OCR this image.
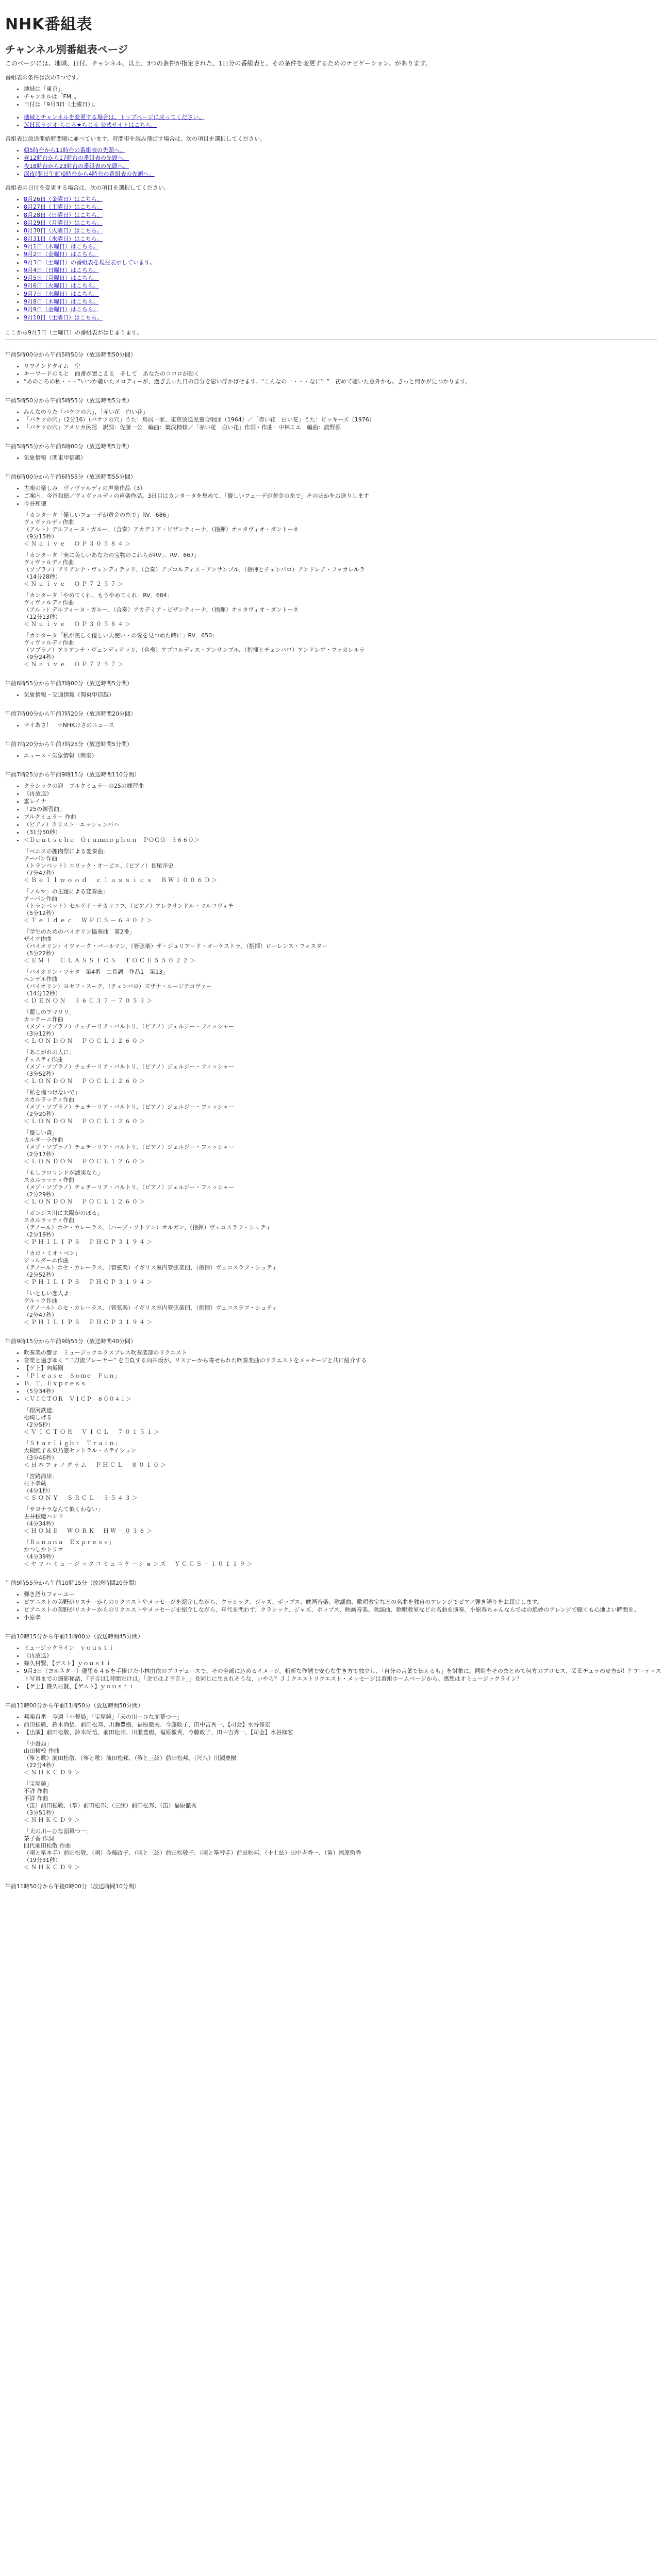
NHK番組表
チャンネル別番組表ページ

このページには、地域、日付、チャンネル、以上、3つの条件が指定された、1日分の番組表と、その条件を変更するためのナビゲーション、があります。

番組表の条件は次の3つです。

• 地域は「東京」。
• チャンネルは「FM」。
• 日付は「9月3日（土曜日）」。
• 地域とチャンネルを変更する場合は、トップページに戻ってください。
• ＮＨＫラジオ らじる★らじる 公式サイトはこちら。

番組表は放送開始時間順に並べています。時間帯を読み飛ばす場合は、次の項目を選択してください。

• 朝5時台から11時台の番組表の先頭へ。
• 昼12時台から17時台の番組表の先頭へ。
• 夜18時台から23時台の番組表の先頭へ。
• 深夜(翌日午前)0時台から4時台の番組表の先頭へ。

番組表の日付を変更する場合は、次の項目を選択してください。

• 8月26日（金曜日）はこちら。
• 8月27日（土曜日）はこちら。
• 8月28日（日曜日）はこちら。
• 8月29日（月曜日）はこちら。
• 8月30日（火曜日）はこちら。
• 8月31日（水曜日）はこちら。
• 9月1日（木曜日）はこちら。
• 9月2日（金曜日）はこちら。
• 9月3日（土曜日）の番組表を現在表示しています。
• 9月4日（日曜日）はこちら。
• 9月5日（月曜日）はこちら。
• 9月6日（火曜日）はこちら。
• 9月7日（水曜日）はこちら。
• 9月8日（木曜日）はこちら。
• 9月9日（金曜日）はこちら。
• 9月10日（土曜日）はこちら。

ここから9月3日（土曜日）の番組表がはじまります。

午前5時00分から午前5時50分（放送時間50分間）

• リワインドタイム　空
• キーワードのもと　曲番が置こえる　そして　あなたのココロが動く
• “あのころの私・・・”いつか聴いたメロディーが、過ぎ去った日の自分を思い浮かばせます。“こんなの一・・・なに？”　初めて聴いた意外かも。きっと何かが見つかります。

午前5時50分から午前5時55分（放送時間5分間）

• みんなのうた「バケツの穴」，「赤い花　白い花」
• 「バケツの穴」（2分16）（バケツの穴」うた：鳥居一家、東京放送児童合唱団（1964）／「赤い花　白い花」うた：ピッキーズ（1976）
• 「バケツの穴」アメリカ民謡　訳詞：佐藤一公　編曲：葉浅精修／「赤い花　白い花」作詞・作曲：中林ミエ　編曲：渡野源

午前5時55分から午前6時00分（放送時間5分間）

• 気象情報（関東甲信越）

午前6時00分から午前6時55分（放送時間55分間）

• 古楽の楽しみ　ヴィヴァルディの声楽作品（3）
• ご案内：今谷和徳／ヴィヴァルディの声楽作品。3日目はカンタータを集めて、「優しいフェーデが黄金の糸で」そのほかをお送りします
• 今谷和徳
「カンタータ「優しいフェーデが黄金の糸で」RV．686」
ヴィヴァルディ作曲
（アルト）デルフィーヌ・ガルー、（合奏）アカデミア・ビザンティーナ、（指揮）オッタヴィオ・ダントーネ
（9分15秒）
＜Ｎａｉｖｅ　ＯＰ３０５８４＞
「カンタータ「実に美しいあなたの宝物のこれらがRV」．RV．667」
ヴィヴァルディ作曲
（ソプラノ）アリアンナ・ヴェンディテッリ、（合奏）アプコルディス・アンサンブル、（指揮とチェンバロ）アンドレア・フッカレルラ
（14分28秒）
＜Ｎａｉｖｅ　ＯＰ７２５７＞
「カンタータ「やめてくれ、もうやめてくれ」RV．684」
ヴィヴァルディ作曲
（アルト）デルフィーヌ・ガルー、（合奏）アカデミア・ビザンティーナ、（指揮）オッタヴィオ・ダントーネ
（12分13秒）
＜Ｎａｉｖｅ　ＯＰ３０５８４＞
「カンタータ「私が美しく優しい天使い・の愛を見つめた時に」RV．650」
ヴィヴァルディ作曲
（ソプラノ）アリアンナ・ヴェンディテッリ、（合奏）アプコルディス・アンサンブル、（指揮とチェンバロ）アンドレア・フッカレルラ
（9分24秒）
＜Ｎａｉｖｅ　ＯＰ７２５７＞

午前6時55分から午前7時00分（放送時間5分間）

• 気象情報・交通情報（関東甲信越）

午前7時00分から午前7時20分（放送時間20分間）

• マイあさ！　☆NHKけさのニュース

午前7時20分から午前7時25分（放送時間5分間）

• ニュース・気象情報（関東）

午前7時25分から午前9時15分（放送時間110分間）

• クラシックの迎　ブルクミュラーの25の練習曲
• 《再放送》
• 雲レイナ
• 「25の練習曲」
• ブルクミュラー 作曲
• （ピアノ）クリスト一エッシェンバハ
• （31分50秒）
• ＜Ｄｅｕｔｓｃｈｅ　Ｇｒａｍｍｏｐｈｏｎ　ＰＯＣＧ－３６６０＞
「ベニスの謝肉祭による変奏曲」
アーバン作曲
（トランペット）エリック・オービエ、（ピアノ）長尾洋史
（7分47秒）
＜Ｂｅｌｌｗｏｏｄ　ｃｌａｓｓｉｃｓ　ＢＷ１００６Ｄ＞
「ノルマ」の主題による変奏曲」
アーバン作曲
（トランペット）セルゲイ・ナカリコフ、（ピアノ）アレクサンドル・マルコヴィチ
（5分12秒）
＜Ｔｅｌｄｅｃ　ＷＰＣＳ－６４０２＞
「学生のためのバイオリン協奏曲　第2番」
ザイツ作曲
（バイオリン）イツァーク・パールマン、（管弦楽）ザ・ジュリアード・オーケストラ、（指揮）ローレンス・フォスター
（5分22秒）
＜ＥＭＩ　ＣＬＡＳＳＩＣＳ　ＴＯＣＥ５５０２２＞
「バイオリン・ソナタ　第4番　二長調　作品1　第13」
ヘンデル作曲
（バイオリン）ヨセフ・スーク、（チェンバロ）ズザナ・ルージチコヴァー
（14分12秒）
＜ＤＥＮＯＮ　３６Ｃ３７－７０５３＞
「麗しのアマリリ」
カッチーニ作曲
（メゾ・ソプラノ）チェチーリア・バルトリ、（ピアノ）ジェルジー・フィッシャー
（3分12秒）
＜ＬＯＮＤＯＮ　ＰＯＣＬ１２６０＞
「あこがれの人に」
チェスティ作曲
（メゾ・ソプラノ）チェチーリア・バルトリ、（ピアノ）ジェルジー・フィッシャー
（3分52秒）
＜ＬＯＮＤＯＮ　ＰＯＣＬ１２６０＞
「私を傷つけないで」
スカルラッティ作曲
（メゾ・ソプラノ）チェチーリア・バルトリ、（ピアノ）ジェルジー・フィッシャー
（2分20秒）
＜ＬＯＮＤＯＮ　ＰＯＣＬ１２６０＞
「優しい森」
カルダーラ作曲
（メゾ・ソプラノ）チェチーリア・バルトリ、（ピアノ）ジェルジー・フィッシャー
（2分17秒）
＜ＬＯＮＤＯＮ　ＰＯＣＬ１２６０＞
「もしフロリンドが誠実なら」
スカルラッティ作曲
（メゾ・ソプラノ）チェチーリア・バルトリ、（ピアノ）ジェルジー・フィッシャー
（2分29秒）
＜ＬＯＮＤＯＮ　ＰＯＣＬ１２６０＞
「ガンジス川に太陽がのぼる」
スカルラッティ作曲
（テノール）ホセ・カレーラス、（ハープ・ソトソン）オルガン、（指揮）ヴェコスラフ・シュティ
（2分19秒）
＜ＰＨＩＬＩＰＳ　ＰＨＣＰ３１９４＞
「カロ・ミオ・ベン」
ジョルダーニ作曲
（テノール）ホセ・カレーラス、（管弦楽）イギリス室内管弦楽団、（指揮）ヴェコスラフ・シュティ
（2分52秒）
＜ＰＨＩＬＩＰＳ　ＰＨＣＰ３１９４＞
「いとしい恋人よ」
グルック作曲
（テノール）ホセ・カレーラス、（管弦楽）イギリス室内管弦楽団、（指揮）ヴェコスラフ・シュティ
（2分47秒）
＜ＰＨＩＬＩＰＳ　ＰＨＣＰ３１９４＞

午前9時15分から午前9時55分（放送時間40分間）

• 吹奏楽の響き　ミュージックエクスプレス吹奏楽部のリクエスト
• 音楽と過ぎゆく “二刀流ブレーヤー” を自負する向井坂が、リスナーから寄せられた吹奏楽曲のリクエストをメッセージと共に紹介する
• 【ゲ上】向坂剛
• 「Ｐｌｅａｓｅ　Ｓｏｍｅ　Ｆｕｎ」
• Ｂ．Ｔ．Ｅｘｐｒｅｓｓ
• （5分34秒）
• ＜ＶＩＣＴＯＲ　ＶＩＣＰ－６００４１＞
「銀河鉄道」
松崎しげる
（2分5秒）
＜ＶＩＣＴＯＲ　ＶＩＣＬ－７０１５１＞
「Ｓｔａｒｌｉｇｈｔ　Ｔｒａｉｎ」
大槻純子＆東乃旅セントラル・ステイション
（3分46秒）
＜日本フォノグラム　ＰＨＣＬ－８０１０＞
「宮路海岸」
村下孝蔵
（4分1秒）
＜ＳＯＮＹ　ＳＲＣＬ－３５４３＞
「サヨナラなんて似くわない」
古井積慶ハンド
（4分34秒）
＜ＨＯＭＥ　ＷＯＲＫ　ＨＷ－０３６＞
「Ｂａｎａｎａ　Ｅｘｐｒｅｓｓ」
かつしかトリオ
（4分39秒）
＜ヤマハミュージックコミュニケーションズ　ＹＣＣＳ－１０１１９＞

午前9時55分から午前10時15分（放送時間20分間）

• 弾き語りフォーユー
• ピアニストの美野がリスナーからのリクエストやメッセージを紹介しながら、クラシック、ジャズ、ポップス、映画音楽、歌謡曲、歌唱教室などの名曲を独自のアレンジでピアノ弾き語りをお届けします。
• ピアニストの美野がリスナーからのリクエストやメッセージを紹介しながら、年代を問わず、クラシック、ジャズ、ポップス、映画音楽、歌謡曲、歌唱教室などの名曲を演奏。小原春ちゃんならではの絶妙のアレンジで聴くも心地よい時間を。
• 小原孝

午前10時15分から午前11時00分（放送時間45分間）

• ミュージックライン　ｙｏｕｓｔｉ
• 《再放送》
• 篠久村賢、【ゲスト】ｙｏｕｓｔｉ
• 9月3日（ヨルネター）優里６４６を手掛けた小林由依のプロデュースで、その全部に込めるイメージ。斬新な作詞で安心な生き方で独立し、「自分の言葉で伝えるも」を対象に。同時をそのまとめて何方のプロセス、ＺＥチュラの皮方が！？アーティスト写真までの撮影秘話、『予言は1時間だけは」「余ではよ予言ト」」長同じに生まれそうな、いやら？ＪＪクエストリクエスト・メッセージは番組ホームページから。感想はオミュージックライン？
• 【ゲ上】篠久村賢、【ゲスト】ｙｏｕｓｔｉ

午前11時00分から午前11時50分（放送時間50分間）

• 邦楽百番　今週「小督局」「宝屋鏡」「天の川ーひな面幕つ一」
• 前田松敬、鈴木尚悟、前田松邦、川瀬豊樹、福原徹秀、今藤政子、田中吉秀一、【司会】水谷修宏
• 【出演】前田松敬、鈴木尚悟、前田松邦、川瀬豊樹、福原徹秀、今藤政子、田中吉秀一、【司会】水谷修宏
「小督局」
山田検校 作曲
（筝と歌）前田松敬、（筝と歌）前田松邦、（筝と三絃）前田松邦、（尺八）川瀬豊樹
（22分4秒）
＜ＮＨＫＣＤ９＞
「宝屋鏡」
不詳 作曲
不詳 作曲
（笛）前田松敬、（筝）前田松邦、（三絃）前田松邦、（笛）福原徹秀
（3分51秒）
＜ＮＨＫＣＤ９＞
「天の川ーひな面幕つ一」
茶子香 作詞
四代前田松敬 作曲
（唄と筝本手）前田松敬、（唄）今藤政子、（唄と三絃）前田松敬子、（唄と筝替手）前田松邦、（十七絃）田中吉秀一、（笛）福原徹秀
（19分31秒）
＜ＮＨＫＣＤ９＞

午前11時50分から午後0時00分（放送時間10分間）
